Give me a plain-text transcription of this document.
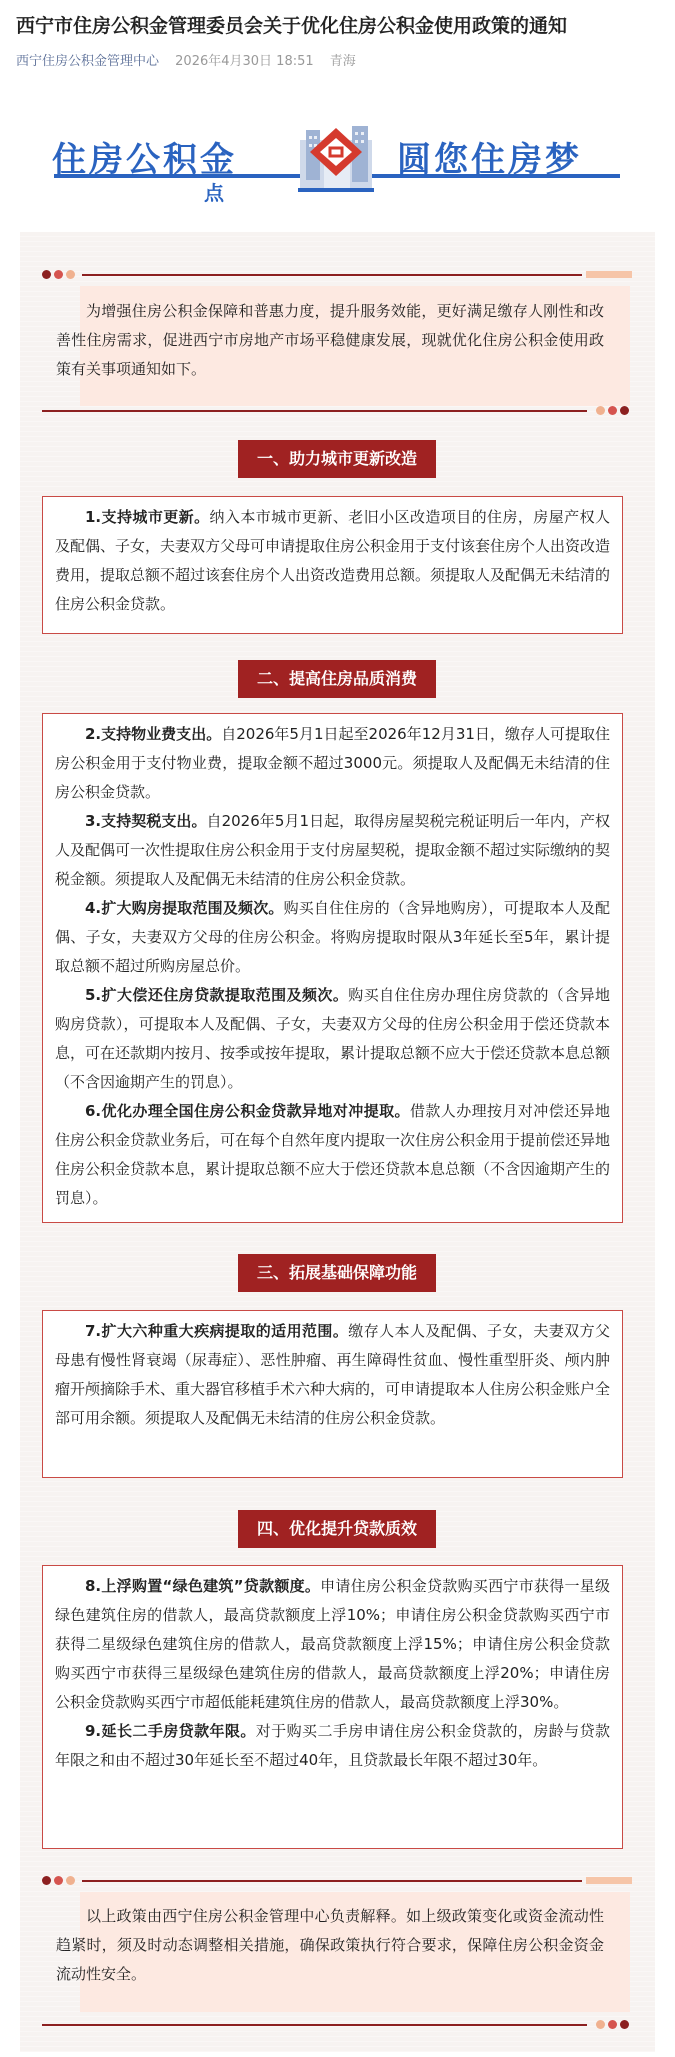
西宁市住房公积金管理委员会关于优化住房公积金使用政策的通知
西宁住房公积金管理中心 2026年4月30日 18:51 青海
住房公积金	圆您住房梦
点
为增强住房公积金保障和普惠力度，提升服务效能，更好满足缴存人刚性和改善性住房需求，促进西宁市房地产市场平稳健康发展，现就优化住房公积金使用政策有关事项通知如下。
一、助力城市更新改造
1.支持城市更新。纳入本市城市更新、老旧小区改造项目的住房，房屋产权人及配偶、子女，夫妻双方父母可申请提取住房公积金用于支付该套住房个人出资改造费用，提取总额不超过该套住房个人出资改造费用总额。须提取人及配偶无未结清的住房公积金贷款。
二、提高住房品质消费
2.支持物业费支出。自2026年5月1日起至2026年12月31日，缴存人可提取住房公积金用于支付物业费，提取金额不超过3000元。须提取人及配偶无未结清的住房公积金贷款。
3.支持契税支出。自2026年5月1日起，取得房屋契税完税证明后一年内，产权人及配偶可一次性提取住房公积金用于支付房屋契税，提取金额不超过实际缴纳的契税金额。须提取人及配偶无未结清的住房公积金贷款。
4.扩大购房提取范围及频次。购买自住住房的（含异地购房），可提取本人及配偶、子女，夫妻双方父母的住房公积金。将购房提取时限从3年延长至5年，累计提取总额不超过所购房屋总价。
5.扩大偿还住房贷款提取范围及频次。购买自住住房办理住房贷款的（含异地购房贷款），可提取本人及配偶、子女，夫妻双方父母的住房公积金用于偿还贷款本息，可在还款期内按月、按季或按年提取，累计提取总额不应大于偿还贷款本息总额（不含因逾期产生的罚息）。
6.优化办理全国住房公积金贷款异地对冲提取。借款人办理按月对冲偿还异地住房公积金贷款业务后，可在每个自然年度内提取一次住房公积金用于提前偿还异地住房公积金贷款本息，累计提取总额不应大于偿还贷款本息总额（不含因逾期产生的罚息）。
三、拓展基础保障功能
7.扩大六种重大疾病提取的适用范围。缴存人本人及配偶、子女，夫妻双方父母患有慢性肾衰竭（尿毒症）、恶性肿瘤、再生障碍性贫血、慢性重型肝炎、颅内肿瘤开颅摘除手术、重大器官移植手术六种大病的，可申请提取本人住房公积金账户全部可用余额。须提取人及配偶无未结清的住房公积金贷款。
四、优化提升贷款质效
8.上浮购置“绿色建筑”贷款额度。申请住房公积金贷款购买西宁市获得一星级绿色建筑住房的借款人，最高贷款额度上浮10%；申请住房公积金贷款购买西宁市获得二星级绿色建筑住房的借款人，最高贷款额度上浮15%；申请住房公积金贷款购买西宁市获得三星级绿色建筑住房的借款人，最高贷款额度上浮20%；申请住房公积金贷款购买西宁市超低能耗建筑住房的借款人，最高贷款额度上浮30%。
9.延长二手房贷款年限。对于购买二手房申请住房公积金贷款的，房龄与贷款年限之和由不超过30年延长至不超过40年，且贷款最长年限不超过30年。
以上政策由西宁住房公积金管理中心负责解释。如上级政策变化或资金流动性趋紧时，须及时动态调整相关措施，确保政策执行符合要求，保障住房公积金资金流动性安全。
